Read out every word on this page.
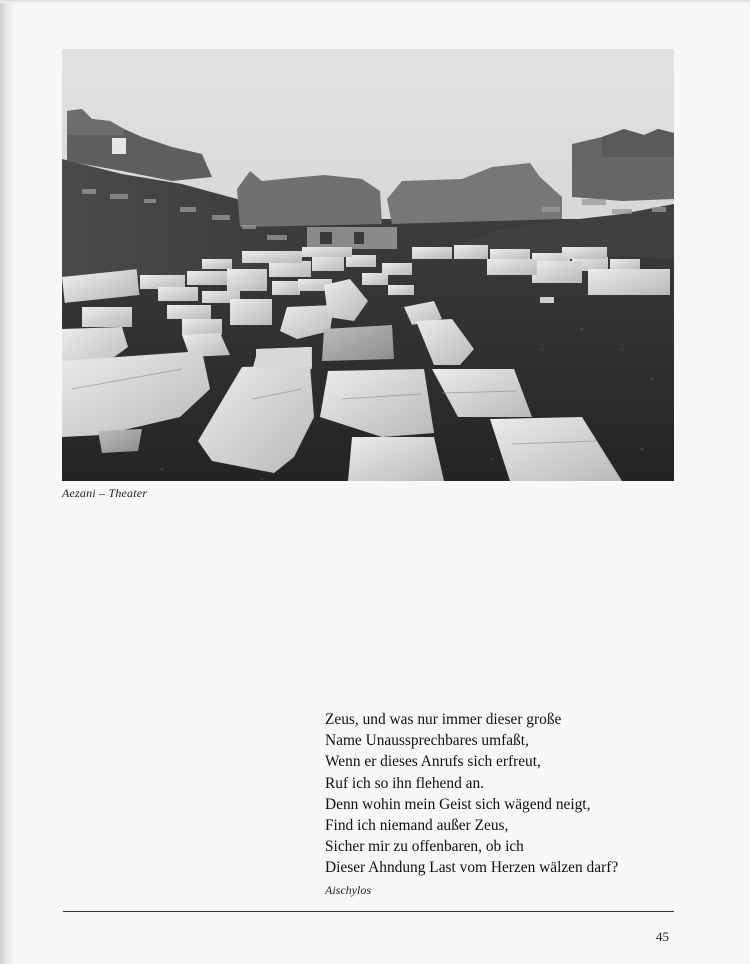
Aezani – Theater
Zeus, und was nur immer dieser große
Name Unaussprechbares umfaßt,
Wenn er dieses Anrufs sich erfreut,
Ruf ich so ihn flehend an.
Denn wohin mein Geist sich wägend neigt,
Find ich niemand außer Zeus,
Sicher mir zu offenbaren, ob ich
Dieser Ahndung Last vom Herzen wälzen darf?
Aischylos
45
